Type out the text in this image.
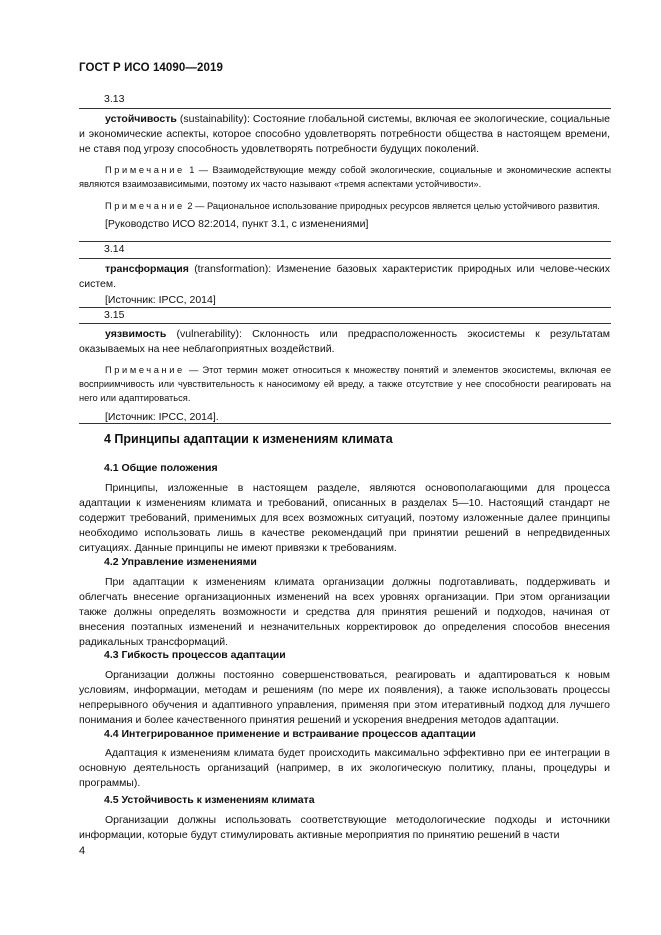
ГОСТ Р ИСО 14090—2019
3.13

устойчивость (sustainability): Состояние глобальной системы, включая ее экологические, социальные и экономические аспекты, которое способно удовлетворять потребности общества в настоящем времени, не ставя под угрозу способность удовлетворять потребности будущих поколений.

Примечание 1 — Взаимодействующие между собой экологические, социальные и экономические аспекты являются взаимозависимыми, поэтому их часто называют «тремя аспектами устойчивости».

Примечание 2 — Рациональное использование природных ресурсов является целью устойчивого развития.

[Руководство ИСО 82:2014, пункт 3.1, с изменениями]

3.14

трансформация (transformation): Изменение базовых характеристик природных или челове-ческих систем.

[Источник: IPCC, 2014]

3.15

уязвимость (vulnerability): Склонность или предрасположенность экосистемы к результатам оказываемых на нее неблагоприятных воздействий.

Примечание — Этот термин может относиться к множеству понятий и элементов экосистемы, включая ее восприимчивость или чувствительность к наносимому ей вреду, а также отсутствие у нее способности реагировать на него или адаптироваться.

[Источник: IPCC, 2014].

4 Принципы адаптации к изменениям климата
4.1 Общие положения

Принципы, изложенные в настоящем разделе, являются основополагающими для процесса адаптации к изменениям климата и требований, описанных в разделах 5—10. Настоящий стандарт не содержит требований, применимых для всех возможных ситуаций, поэтому изложенные далее принципы необходимо использовать лишь в качестве рекомендаций при принятии решений в непредвиденных ситуациях. Данные принципы не имеют привязки к требованиям.

4.2 Управление изменениями

При адаптации к изменениям климата организации должны подготавливать, поддерживать и облегчать внесение организационных изменений на всех уровнях организации. При этом организации также должны определять возможности и средства для принятия решений и подходов, начиная от внесения поэтапных изменений и незначительных корректировок до определения способов внесения радикальных трансформаций.

4.3 Гибкость процессов адаптации

Организации должны постоянно совершенствоваться, реагировать и адаптироваться к новым условиям, информации, методам и решениям (по мере их появления), а также использовать процессы непрерывного обучения и адаптивного управления, применяя при этом итеративный подход для лучшего понимания и более качественного принятия решений и ускорения внедрения методов адаптации.

4.4 Интегрированное применение и встраивание процессов адаптации

Адаптация к изменениям климата будет происходить максимально эффективно при ее интеграции в основную деятельность организаций (например, в их экологическую политику, планы, процедуры и программы).

4.5 Устойчивость к изменениям климата

Организации должны использовать соответствующие методологические подходы и источники информации, которые будут стимулировать активные мероприятия по принятию решений в части

4
